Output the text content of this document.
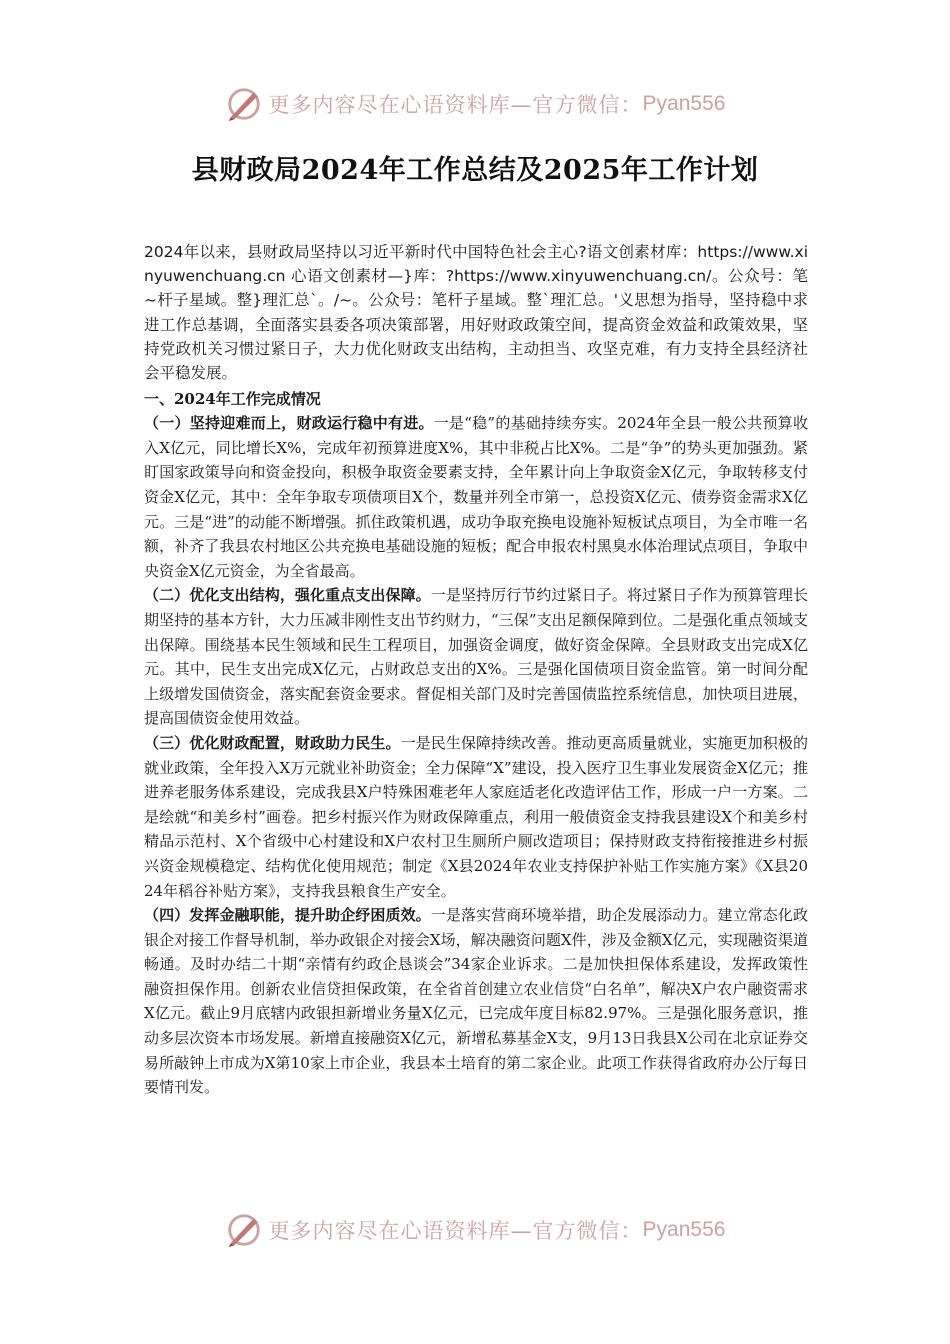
更多内容尽在心语资料库—官方微信： Pyan556
县财政局2024年工作总结及2025年工作计划

2024年以来，县财政局坚持以习近平新时代中国特色社会主心?语文创素材库：https://www.xinyuwenchuang.cn 心语文创素材—}库：?https://www.xinyuwenchuang.cn/。公众号：笔~杆子星域。整}理汇总`。/~。公众号：笔杆子星域。整`理汇总。'义思想为指导，坚持稳中求进工作总基调，全面落实县委各项决策部署，用好财政政策空间，提高资金效益和政策效果，坚持党政机关习惯过紧日子，大力优化财政支出结构，主动担当、攻坚克难，有力支持全县经济社会平稳发展。

一、2024年工作完成情况

（一）坚持迎难而上，财政运行稳中有进。一是“稳”的基础持续夯实。2024年全县一般公共预算收入X亿元，同比增长X%，完成年初预算进度X%，其中非税占比X%。二是“争”的势头更加强劲。紧盯国家政策导向和资金投向，积极争取资金要素支持，全年累计向上争取资金X亿元，争取转移支付资金X亿元，其中：全年争取专项债项目X个，数量并列全市第一，总投资X亿元、债券资金需求X亿元。三是“进”的动能不断增强。抓住政策机遇，成功争取充换电设施补短板试点项目，为全市唯一名额，补齐了我县农村地区公共充换电基础设施的短板；配合申报农村黑臭水体治理试点项目，争取中央资金X亿元资金，为全省最高。

（二）优化支出结构，强化重点支出保障。一是坚持厉行节约过紧日子。将过紧日子作为预算管理长期坚持的基本方针，大力压减非刚性支出节约财力，“三保”支出足额保障到位。二是强化重点领域支出保障。围绕基本民生领域和民生工程项目，加强资金调度，做好资金保障。全县财政支出完成X亿元。其中，民生支出完成X亿元，占财政总支出的X%。三是强化国债项目资金监管。第一时间分配上级增发国债资金，落实配套资金要求。督促相关部门及时完善国债监控系统信息，加快项目进展，提高国债资金使用效益。

（三）优化财政配置，财政助力民生。一是民生保障持续改善。推动更高质量就业，实施更加积极的就业政策，全年投入X万元就业补助资金；全力保障“X”建设，投入医疗卫生事业发展资金X亿元；推进养老服务体系建设，完成我县X户特殊困难老年人家庭适老化改造评估工作，形成一户一方案。二是绘就“和美乡村”画卷。把乡村振兴作为财政保障重点，利用一般债资金支持我县建设X个和美乡村精品示范村、X个省级中心村建设和X户农村卫生厕所户厕改造项目；保持财政支持衔接推进乡村振兴资金规模稳定、结构优化使用规范；制定《X县2024年农业支持保护补贴工作实施方案》《X县2024年稻谷补贴方案》，支持我县粮食生产安全。

（四）发挥金融职能，提升助企纾困质效。一是落实营商环境举措，助企发展添动力。建立常态化政银企对接工作督导机制，举办政银企对接会X场，解决融资问题X件，涉及金额X亿元，实现融资渠道畅通。及时办结二十期“亲情有约政企恳谈会”34家企业诉求。二是加快担保体系建设，发挥政策性融资担保作用。创新农业信贷担保政策，在全省首创建立农业信贷“白名单”，解决X户农户融资需求X亿元。截止9月底辖内政银担新增业务量X亿元，已完成年度目标82.97%。三是强化服务意识，推动多层次资本市场发展。新增直接融资X亿元，新增私募基金X支，9月13日我县X公司在北京证券交易所敲钟上市成为X第10家上市企业，我县本土培育的第二家企业。此项工作获得省政府办公厅每日要情刊发。

更多内容尽在心语资料库—官方微信： Pyan556
